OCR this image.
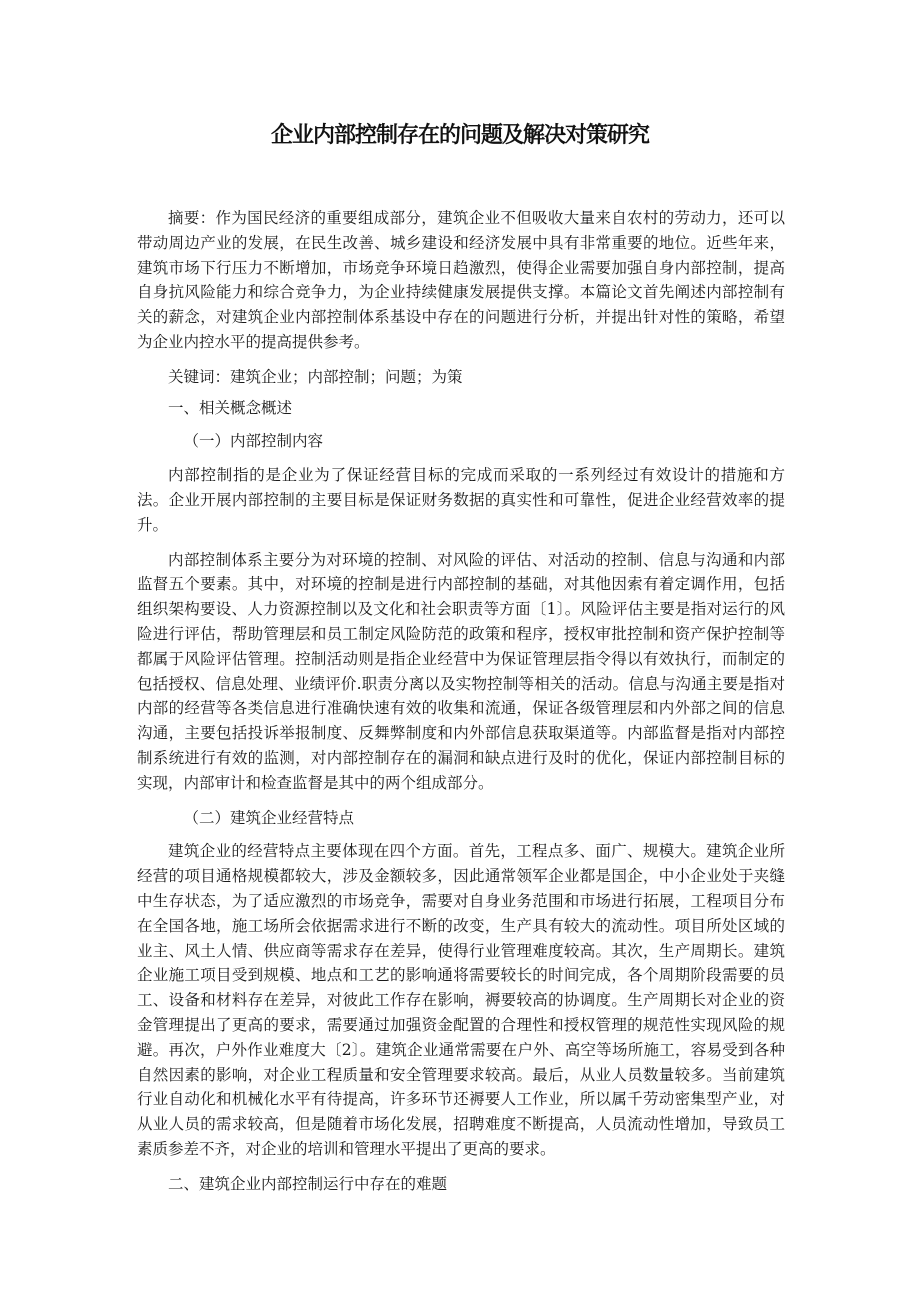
企业内部控制存在的问题及解决对策研究

摘要：作为国民经济的重要组成部分，建筑企业不但吸收大量来自农村的劳动力，还可以带动周边产业的发展，在民生改善、城乡建设和经济发展中具有非常重要的地位。近些年来，建筑市场下行压力不断增加，市场竞争环境日趋激烈，使得企业需要加强自身内部控制，提高自身抗风险能力和综合竞争力，为企业持续健康发展提供支撑。本篇论文首先阐述内部控制有关的薪念，对建筑企业内部控制体系基设中存在的问题进行分析，并提出针对性的策略，希望为企业内控水平的提高提供参考。

关键词：建筑企业；内部控制；问题；为策

一、相关概念概述

（一）内部控制内容

内部控制指的是企业为了保证经营目标的完成而采取的一系列经过有效设计的措施和方法。企业开展内部控制的主要目标是保证财务数据的真实性和可靠性，促进企业经营效率的提升。

内部控制体系主要分为对环境的控制、对风险的评估、对活动的控制、信息与沟通和内部监督五个要素。其中，对环境的控制是进行内部控制的基础，对其他因索有着定调作用，包括组织架构要设、人力资源控制以及文化和社会职责等方面〔1〕。风险评估主要是指对运行的风险进行评估，帮助管理层和员工制定风险防范的政策和程序，授权审批控制和资产保护控制等都属于风险评估管理。控制活动则是指企业经营中为保证管理层指令得以有效执行，而制定的包括授权、信息处理、业绩评价.职责分离以及实物控制等相关的活动。信息与沟通主要是指对内部的经营等各类信息进行准确快速有效的收集和流通，保证各级管理层和内外部之间的信息沟通，主要包括投诉举报制度、反舞弊制度和内外部信息获取渠道等。内部监督是指对内部控制系统进行有效的监测，对内部控制存在的漏洞和缺点进行及时的优化，保证内部控制目标的实现，内部审计和检查监督是其中的两个组成部分。

（二）建筑企业经营特点

建筑企业的经营特点主要体现在四个方面。首先，工程点多、面广、规模大。建筑企业所经营的项目通格规模都较大，涉及金额较多，因此通常领军企业都是国企，中小企业处于夹缝中生存状态，为了适应激烈的市场竞争，需要对自身业务范围和市场进行拓展，工程项目分布在全国各地，施工场所会依据需求进行不断的改变，生产具有较大的流动性。项目所处区域的业主、风土人情、供应商等需求存在差异，使得行业管理难度较高。其次，生产周期长。建筑企业施工项目受到规模、地点和工艺的影响通将需要较长的时间完成，各个周期阶段需要的员工、设备和材料存在差异，对彼此工作存在影响，褥要较高的协调度。生产周期长对企业的资金管理提出了更高的要求，需要通过加强资金配置的合理性和授权管理的规范性实现风险的规避。再次，户外作业难度大〔2〕。建筑企业通常需要在户外、高空等场所施工，容易受到各种自然因素的影响，对企业工程质量和安全管理要求较高。最后，从业人员数量较多。当前建筑行业自动化和机械化水平有待提高，许多环节还褥要人工作业，所以属千劳动密集型产业，对从业人员的需求较高，但是随着市场化发展，招聘难度不断提高，人员流动性增加，导致员工素质参差不齐，对企业的培训和管理水平提出了更高的要求。

二、建筑企业内部控制运行中存在的难题
